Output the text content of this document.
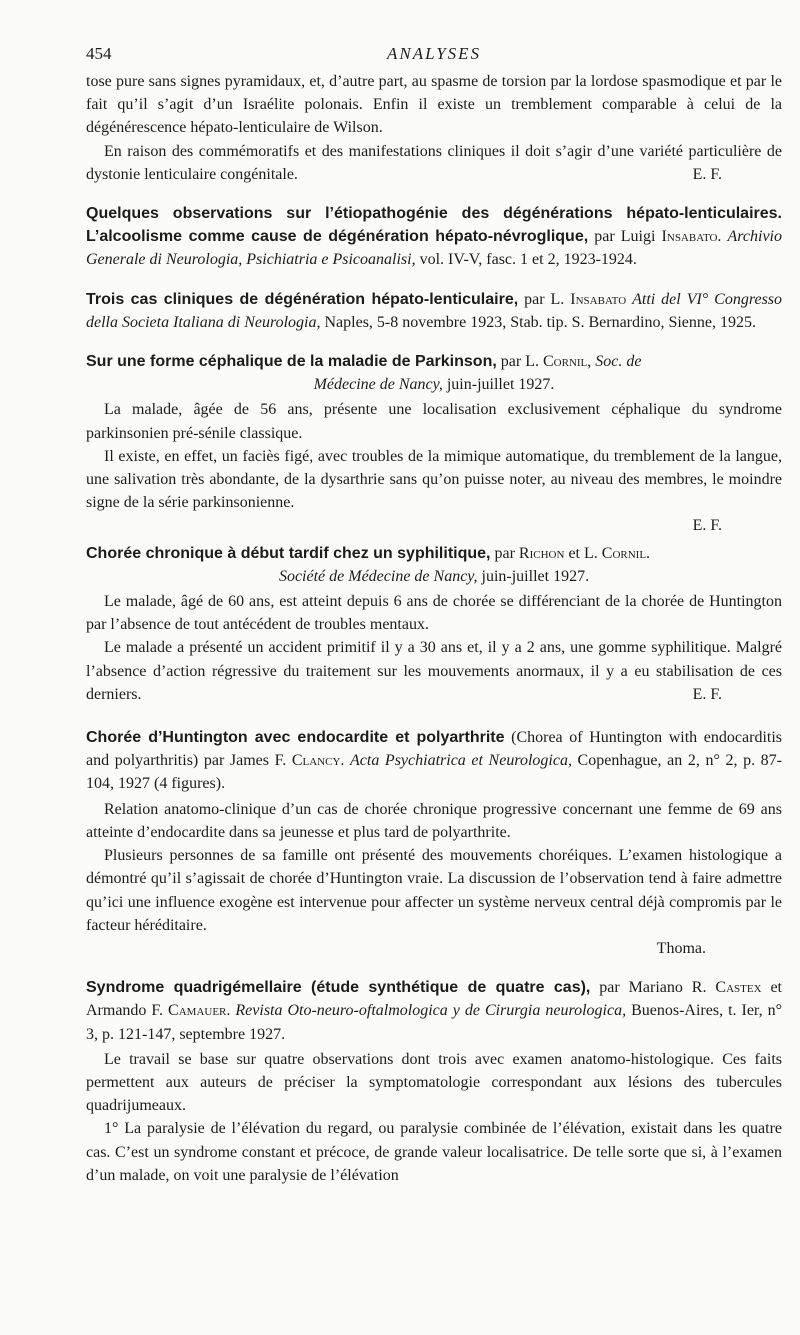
454	ANALYSES

tose pure sans signes pyramidaux, et, d’autre part, au spasme de torsion par la lordose spasmodique et par le fait qu’il s’agit d’un Israélite polonais. Enfin il existe un tremblement comparable à celui de la dégénérescence hépato-lenticulaire de Wilson.

En raison des commémoratifs et des manifestations cliniques il doit s’agir d’une variété particulière de dystonie lenticulaire congénitale.	E. F.

Quelques observations sur l’étiopathogénie des dégénérations hépato-lenticulaires. L’alcoolisme comme cause de dégénération hépato-névroglique, par Luigi Insabato. Archivio Generale di Neurologia, Psichiatria e Psicoanalisi, vol. IV-V, fasc. 1 et 2, 1923-1924.

Trois cas cliniques de dégénération hépato-lenticulaire, par L. Insabato Atti del VI° Congresso della Societa Italiana di Neurologia, Naples, 5-8 novembre 1923, Stab. tip. S. Bernardino, Sienne, 1925.

Sur une forme céphalique de la maladie de Parkinson, par L. Cornil, Soc. de
Médecine de Nancy, juin-juillet 1927.

La malade, âgée de 56 ans, présente une localisation exclusivement céphalique du syndrome parkinsonien pré-sénile classique.

Il existe, en effet, un faciès figé, avec troubles de la mimique automatique, du tremblement de la langue, une salivation très abondante, de la dysarthrie sans qu’on puisse noter, au niveau des membres, le moindre signe de la série parkinsonienne.

E. F.

Chorée chronique à début tardif chez un syphilitique, par Richon et L. Cornil.
Société de Médecine de Nancy, juin-juillet 1927.

Le malade, âgé de 60 ans, est atteint depuis 6 ans de chorée se différenciant de la chorée de Huntington par l’absence de tout antécédent de troubles mentaux.

Le malade a présenté un accident primitif il y a 30 ans et, il y a 2 ans, une gomme syphilitique. Malgré l’absence d’action régressive du traitement sur les mouvements anormaux, il y a eu stabilisation de ces derniers.	E. F.

Chorée d’Huntington avec endocardite et polyarthrite (Chorea of Huntington with endocarditis and polyarthritis) par James F. Clancy. Acta Psychiatrica et Neurologica, Copenhague, an 2, n° 2, p. 87-104, 1927 (4 figures).

Relation anatomo-clinique d’un cas de chorée chronique progressive concernant une femme de 69 ans atteinte d’endocardite dans sa jeunesse et plus tard de polyarthrite.

Plusieurs personnes de sa famille ont présenté des mouvements choréiques. L’examen histologique a démontré qu’il s’agissait de chorée d’Huntington vraie. La discussion de l’observation tend à faire admettre qu’ici une influence exogène est intervenue pour affecter un système nerveux central déjà compromis par le facteur héréditaire.

Thoma.

Syndrome quadrigémellaire (étude synthétique de quatre cas), par Mariano R. Castex et Armando F. Camauer. Revista Oto-neuro-oftalmologica y de Cirurgia neurologica, Buenos-Aires, t. Ier, n° 3, p. 121-147, septembre 1927.

Le travail se base sur quatre observations dont trois avec examen anatomo-histologique. Ces faits permettent aux auteurs de préciser la symptomatologie correspondant aux lésions des tubercules quadrijumeaux.

1° La paralysie de l’élévation du regard, ou paralysie combinée de l’élévation, existait dans les quatre cas. C’est un syndrome constant et précoce, de grande valeur localisatrice. De telle sorte que si, à l’examen d’un malade, on voit une paralysie de l’élévation
